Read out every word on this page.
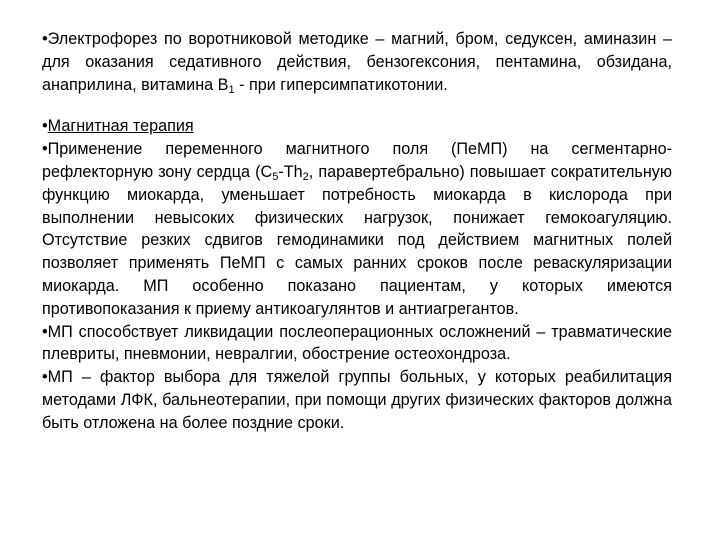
•Электрофорез по воротниковой методике – магний, бром, седуксен, аминазин –для оказания седативного действия, бензогексония, пентамина, обзидана, анаприлина, витамина $В_1$ - при гиперсимпатикотонии.

•Магнитная терапия

•Применение переменного магнитного поля (ПеМП) на сегментарно-рефлекторную зону сердца ($С_5-Th_2$, паравертебрально) повышает сократительную функцию миокарда, уменьшает потребность миокарда в кислорода при выполнении невысоких физических нагрузок, понижает гемокоагуляцию. Отсутствие резких сдвигов гемодинамики под действием магнитных полей позволяет применять ПеМП с самых ранних сроков после реваскуляризации миокарда. МП особенно показано пациентам, у которых имеются противопоказания к приему антикоагулянтов и антиагрегантов.

•МП способствует ликвидации послеоперационных осложнений – травматические плевриты, пневмонии, невралгии, обострение остеохондроза.

•МП – фактор выбора для тяжелой группы больных, у которых реабилитация методами ЛФК, бальнеотерапии, при помощи других физических факторов должна быть отложена на более поздние сроки.
